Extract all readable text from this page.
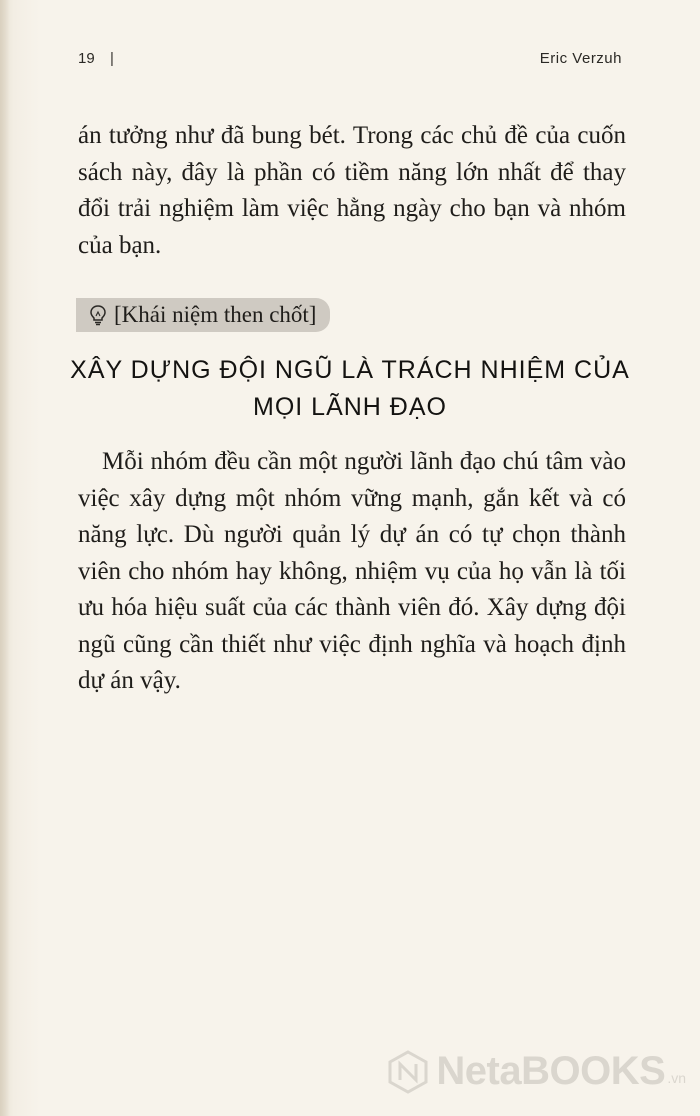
19 |	Eric Verzuh

án tưởng như đã bung bét. Trong các chủ đề của cuốn sách này, đây là phần có tiềm năng lớn nhất để thay đổi trải nghiệm làm việc hằng ngày cho bạn và nhóm của bạn.

[Khái niệm then chốt]
XÂY DỰNG ĐỘI NGŨ LÀ TRÁCH NHIỆM CỦA
MỌI LÃNH ĐẠO

Mỗi nhóm đều cần một người lãnh đạo chú tâm vào việc xây dựng một nhóm vững mạnh, gắn kết và có năng lực. Dù người quản lý dự án có tự chọn thành viên cho nhóm hay không, nhiệm vụ của họ vẫn là tối ưu hóa hiệu suất của các thành viên đó. Xây dựng đội ngũ cũng cần thiết như việc định nghĩa và hoạch định dự án vậy.

NetaBOOKS .vn
